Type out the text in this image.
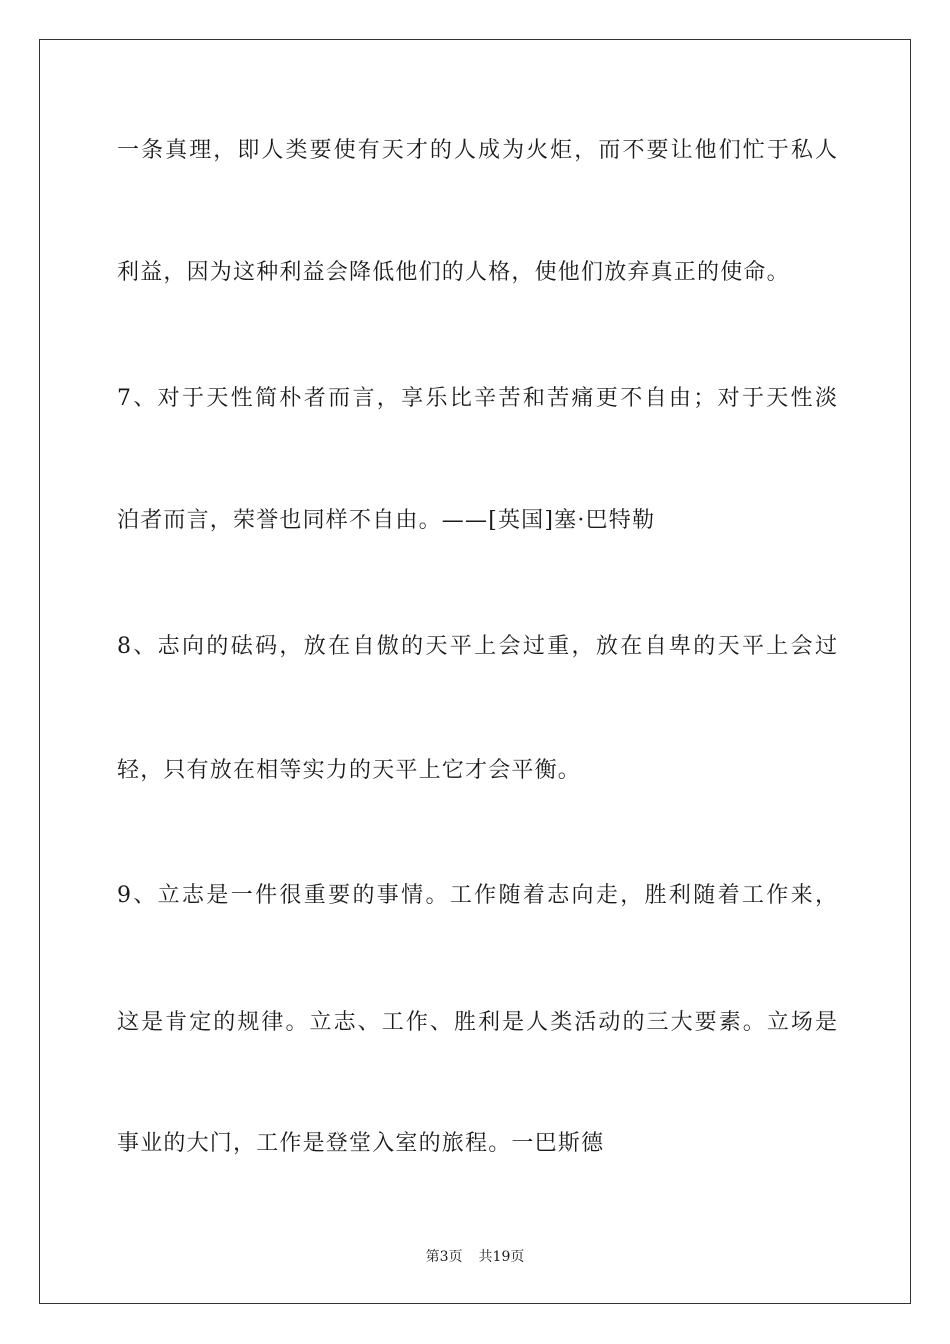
一条真理，即人类要使有天才的人成为火炬，而不要让他们忙于私人
利益，因为这种利益会降低他们的人格，使他们放弃真正的使命。
7、对于天性简朴者而言，享乐比辛苦和苦痛更不自由；对于天性淡
泊者而言，荣誉也同样不自由。——[英国]塞·巴特勒
8、志向的砝码，放在自傲的天平上会过重，放在自卑的天平上会过
轻，只有放在相等实力的天平上它才会平衡。
9、立志是一件很重要的事情。工作随着志向走，胜利随着工作来，
这是肯定的规律。立志、工作、胜利是人类活动的三大要素。立场是
事业的大门，工作是登堂入室的旅程。一巴斯德
第3页 共19页
